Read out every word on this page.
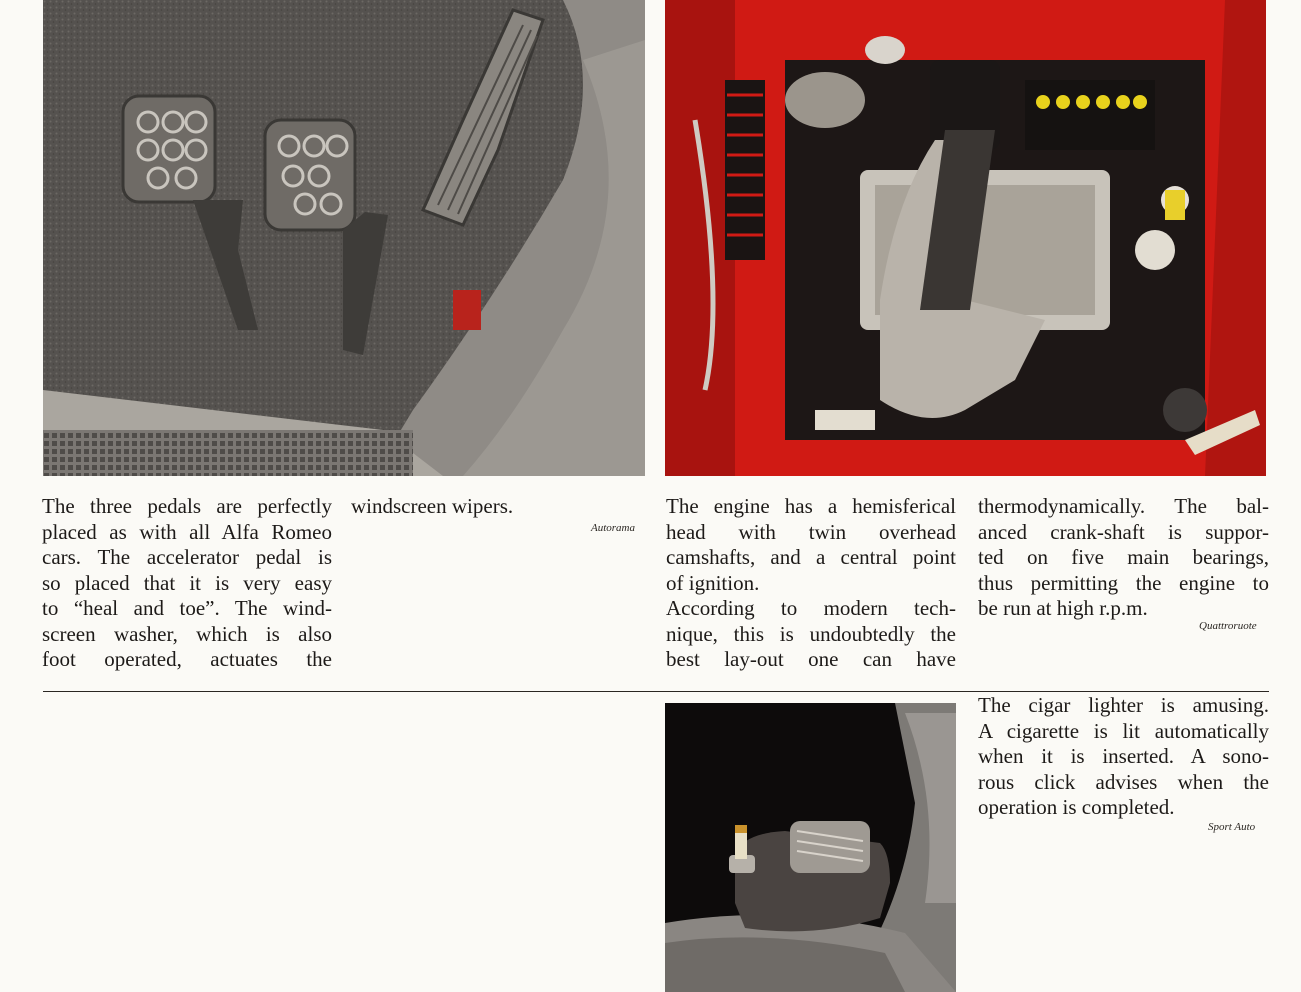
The three pedals are perfectly
placed as with all Alfa Romeo
cars. The accelerator pedal is
so placed that it is very easy
to “heal and toe”. The wind-
screen washer, which is also
foot operated, actuates the
windscreen wipers.
Autorama
The engine has a hemisferical
head with twin overhead
camshafts, and a central point
of ignition.
According to modern tech-
nique, this is undoubtedly the
best lay-out one can have
thermodynamically. The bal-
anced crank-shaft is suppor-
ted on five main bearings,
thus permitting the engine to
be run at high r.p.m.
Quattroruote
The cigar lighter is amusing.
A cigarette is lit automatically
when it is inserted. A sono-
rous click advises when the
operation is completed.
Sport Auto
